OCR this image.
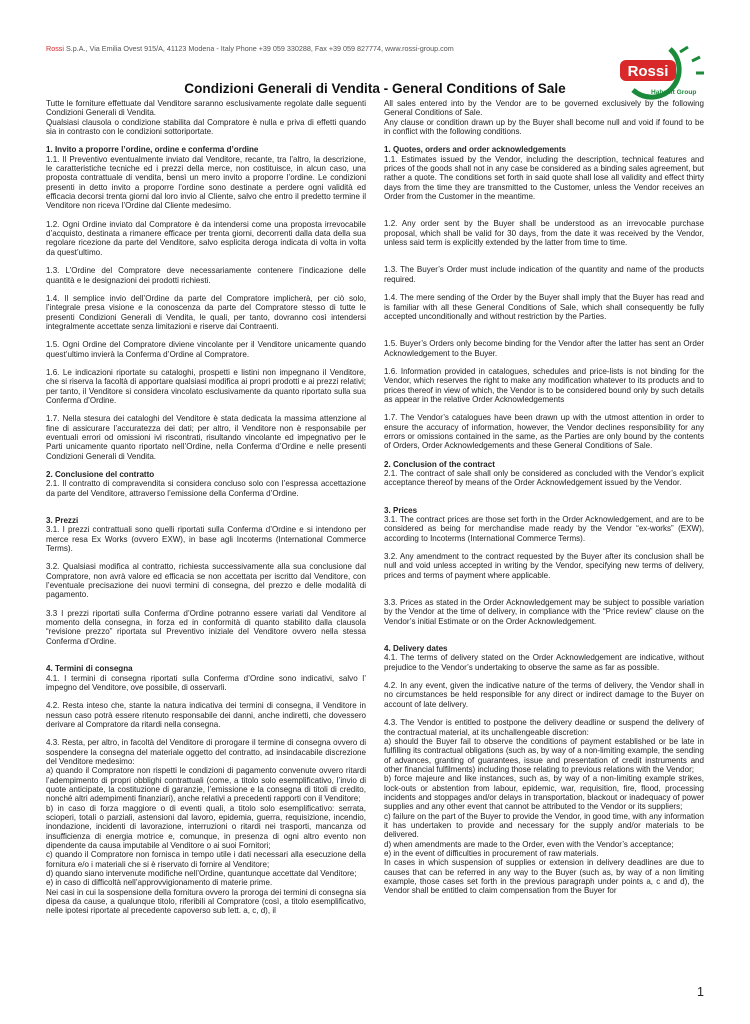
Rossi S.p.A., Via Emilia Ovest 915/A, 41123 Modena - Italy Phone +39 059 330288, Fax +39 059 827774, www.rossi-group.com
Rossi
Habasit Group
Condizioni Generali di Vendita - General Conditions of Sale

Tutte le forniture effettuate dal Venditore saranno esclusivamente regolate dalle seguenti Condizioni Generali di Vendita.

Qualsiasi clausola o condizione stabilita dal Compratore è nulla e priva di effetti quando sia in contrasto con le condizioni sottoriportate.

1. Invito a proporre l’ordine, ordine e conferma d’ordine

1.1. Il Preventivo eventualmente inviato dal Venditore, recante, tra l’altro, la descrizione, le caratteristiche tecniche ed i prezzi della merce, non costituisce, in alcun caso, una proposta contrattuale di vendita, bensì un mero invito a proporre l’ordine. Le condizioni presenti in detto invito a proporre l’ordine sono destinate a perdere ogni validità ed efficacia decorsi trenta giorni dal loro invio al Cliente, salvo che entro il predetto termine il Venditore non riceva l’Ordine dal Cliente medesimo.

1.2. Ogni Ordine inviato dal Compratore è da intendersi come una proposta irrevocabile d’acquisto, destinata a rimanere efficace per trenta giorni, decorrenti dalla data della sua regolare ricezione da parte del Venditore, salvo esplicita deroga indicata di volta in volta da quest’ultimo.

1.3. L’Ordine del Compratore deve necessariamente contenere l’indicazione delle quantità e le designazioni dei prodotti richiesti.

1.4. Il semplice invio dell’Ordine da parte del Compratore implicherà, per ciò solo, l’integrale presa visione e la conoscenza da parte del Compratore stesso di tutte le presenti Condizioni Generali di Vendita, le quali, per tanto, dovranno così intendersi integralmente accettate senza limitazioni e riserve dai Contraenti.

1.5. Ogni Ordine del Compratore diviene vincolante per il Venditore unicamente quando quest’ultimo invierà la Conferma d’Ordine al Compratore.

1.6. Le indicazioni riportate su cataloghi, prospetti e listini non impegnano il Venditore, che si riserva la facoltà di apportare qualsiasi modifica ai propri prodotti e ai prezzi relativi; per tanto, il Venditore si considera vincolato esclusivamente da quanto riportato sulla sua Conferma d’Ordine.

1.7. Nella stesura dei cataloghi del Venditore è stata dedicata la massima attenzione al fine di assicurare l’accuratezza dei dati; per altro, il Venditore non è responsabile per eventuali errori od omissioni ivi riscontrati, risultando vincolante ed impegnativo per le Parti unicamente quanto riportato nell’Ordine, nella Conferma d’Ordine e nelle presenti Condizioni Generali di Vendita.

2. Conclusione del contratto

2.1. Il contratto di compravendita si considera concluso solo con l’espressa accettazione da parte del Venditore, attraverso l’emissione della Conferma d’Ordine.

3. Prezzi

3.1. I prezzi contrattuali sono quelli riportati sulla Conferma d’Ordine e si intendono per merce resa Ex Works (ovvero EXW), in base agli Incoterms (International Commerce Terms).

3.2. Qualsiasi modifica al contratto, richiesta successivamente alla sua conclusione dal Compratore, non avrà valore ed efficacia se non accettata per iscritto dal Venditore, con l’eventuale precisazione dei nuovi termini di consegna, del prezzo e delle modalità di pagamento.

3.3 I prezzi riportati sulla Conferma d’Ordine potranno essere variati dal Venditore al momento della consegna, in forza ed in conformità di quanto stabilito dalla clausola “revisione prezzo” riportata sul Preventivo iniziale del Venditore ovvero nella stessa Conferma d’Ordine.

4. Termini di consegna

4.1. I termini di consegna riportati sulla Conferma d’Ordine sono indicativi, salvo l’ impegno del Venditore, ove possibile, di osservarli.

4.2. Resta inteso che, stante la natura indicativa dei termini di consegna, il Venditore in nessun caso potrà essere ritenuto responsabile dei danni, anche indiretti, che dovessero derivare al Compratore da ritardi nella consegna.

4.3. Resta, per altro, in facoltà del Venditore di prorogare il termine di consegna ovvero di sospendere la consegna del materiale oggetto del contratto, ad insindacabile discrezione del Venditore medesimo:

a) quando il Compratore non rispetti le condizioni di pagamento convenute ovvero ritardi l’adempimento di propri obblighi contrattuali (come, a titolo solo esemplificativo, l’invio di quote anticipate, la costituzione di garanzie, l’emissione e la consegna di titoli di credito, nonché altri adempimenti finanziari), anche relativi a precedenti rapporti con il Venditore;

b) in caso di forza maggiore o di eventi quali, a titolo solo esemplificativo: serrata, scioperi, totali o parziali, astensioni dal lavoro, epidemia, guerra, requisizione, incendio, inondazione, incidenti di lavorazione, interruzioni o ritardi nei trasporti, mancanza od insufficienza di energia motrice e, comunque, in presenza di ogni altro evento non dipendente da causa imputabile al Venditore o ai suoi Fornitori;

c) quando il Compratore non fornisca in tempo utile i dati necessari alla esecuzione della fornitura e/o i materiali che si è riservato di fornire al Venditore;

d) quando siano intervenute modifiche nell’Ordine, quantunque accettate dal Venditore;

e) in caso di difficoltà nell’approvvigionamento di materie prime.

Nei casi in cui la sospensione della fornitura ovvero la proroga dei termini di consegna sia dipesa da cause, a qualunque titolo, riferibili al Compratore (così, a titolo esemplificativo, nelle ipotesi riportate al precedente capoverso sub lett. a, c, d), il

All sales entered into by the Vendor are to be governed exclusively by the following General Conditions of Sale.

Any clause or condition drawn up by the Buyer shall become null and void if found to be in conflict with the following conditions.

1. Quotes, orders and order acknowledgements

1.1. Estimates issued by the Vendor, including the description, technical features and prices of the goods shall not in any case be considered as a binding sales agreement, but rather a quote. The conditions set forth in said quote shall lose all validity and effect thirty days from the time they are transmitted to the Customer, unless the Vendor receives an Order from the Customer in the meantime.

1.2. Any order sent by the Buyer shall be understood as an irrevocable purchase proposal, which shall be valid for 30 days, from the date it was received by the Vendor, unless said term is explicitly extended by the latter from time to time.

1.3. The Buyer’s Order must include indication of the quantity and name of the products required.

1.4. The mere sending of the Order by the Buyer shall imply that the Buyer has read and is familiar with all these General Conditions of Sale, which shall consequently be fully accepted unconditionally and without restriction by the Parties.

1.5. Buyer’s Orders only become binding for the Vendor after the latter has sent an Order Acknowledgement to the Buyer.

1.6. Information provided in catalogues, schedules and price-lists is not binding for the Vendor, which reserves the right to make any modification whatever to its products and to prices thereof in view of which, the Vendor is to be considered bound only by such details as appear in the relative Order Acknowledgements

1.7. The Vendor’s catalogues have been drawn up with the utmost attention in order to ensure the accuracy of information, however, the Vendor declines responsibility for any errors or omissions contained in the same, as the Parties are only bound by the contents of Orders, Order Acknowledgements and these General Conditions of Sale.

2. Conclusion of the contract

2.1. The contract of sale shall only be considered as concluded with the Vendor’s explicit acceptance thereof by means of the Order Acknowledgement issued by the Vendor.

3. Prices

3.1. The contract prices are those set forth in the Order Acknowledgement, and are to be considered as being for merchandise made ready by the Vendor “ex-works” (EXW), according to Incoterms (International Commerce Terms).

3.2. Any amendment to the contract requested by the Buyer after its conclusion shall be null and void unless accepted in writing by the Vendor, specifying new terms of delivery, prices and terms of payment where applicable.

3.3. Prices as stated in the Order Acknowledgement may be subject to possible variation by the Vendor at the time of delivery, in compliance with the “Price review” clause on the Vendor’s initial Estimate or on the Order Acknowledgement.

4. Delivery dates

4.1. The terms of delivery stated on the Order Acknowledgement are indicative, without prejudice to the Vendor’s undertaking to observe the same as far as possible.

4.2. In any event, given the indicative nature of the terms of delivery, the Vendor shall in no circumstances be held responsible for any direct or indirect damage to the Buyer on account of late delivery.

4.3. The Vendor is entitled to postpone the delivery deadline or suspend the delivery of the contractual material, at its unchallengeable discretion:

a) should the Buyer fail to observe the conditions of payment established or be late in fulfilling its contractual obligations (such as, by way of a non-limiting example, the sending of advances, granting of guarantees, issue and presentation of credit instruments and other financial fulfilments) including those relating to previous relations with the Vendor;

b) force majeure and like instances, such as, by way of a non-limiting example strikes, lock-outs or abstention from labour, epidemic, war, requisition, fire, flood, processing incidents and stoppages and/or delays in transportation, blackout or inadequacy of power supplies and any other event that cannot be attributed to the Vendor or its suppliers;

c) failure on the part of the Buyer to provide the Vendor, in good time, with any information it has undertaken to provide and necessary for the supply and/or materials to be delivered.

d) when amendments are made to the Order, even with the Vendor’s acceptance;

e) in the event of difficulties in procurement of raw materials.

In cases in which suspension of supplies or extension in delivery deadlines are due to causes that can be referred in any way to the Buyer (such as, by way of a non limiting example, those cases set forth in the previous paragraph under points a, c and d), the Vendor shall be entitled to claim compensation from the Buyer for

1
